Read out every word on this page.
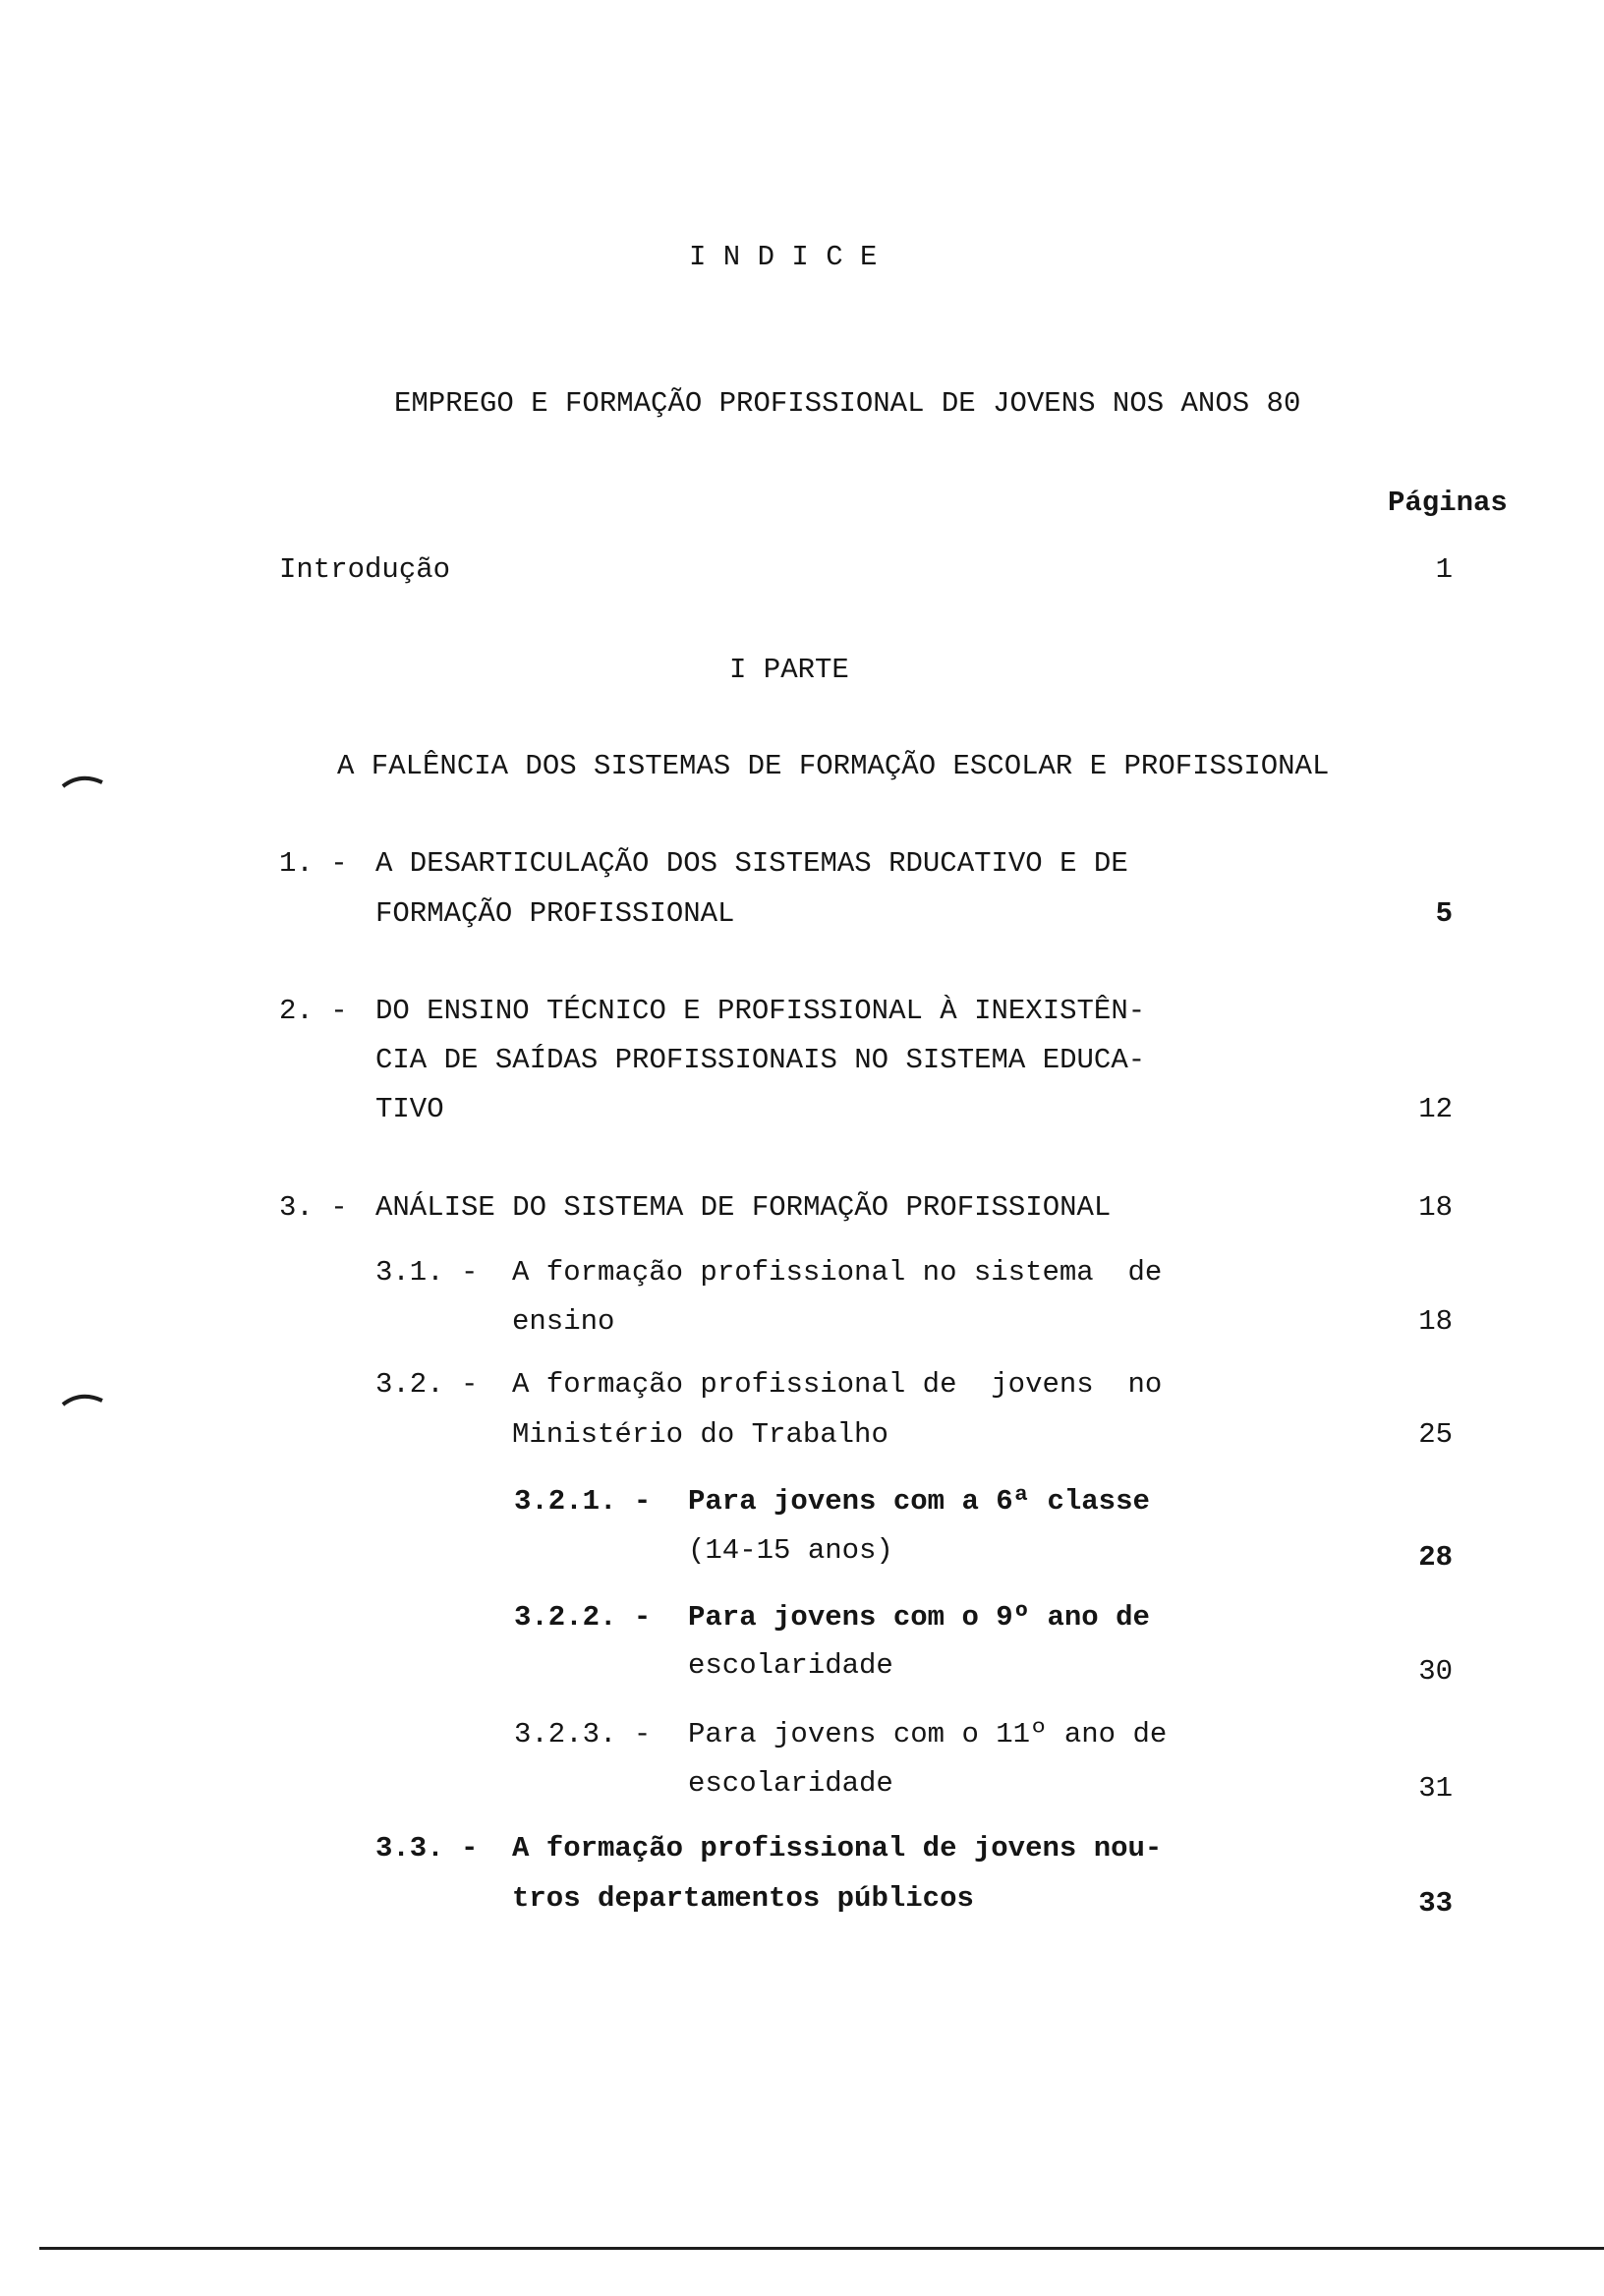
I N D I C E
EMPREGO E FORMAÇÃO PROFISSIONAL DE JOVENS NOS ANOS 80
Páginas
Introdução	1
I PARTE
A FALÊNCIA DOS SISTEMAS DE FORMAÇÃO ESCOLAR E PROFISSIONAL
1. - A DESARTICULAÇÃO DOS SISTEMAS RDUCATIVO E DE
FORMAÇÃO PROFISSIONAL	5
2. - DO ENSINO TÉCNICO E PROFISSIONAL À INEXISTÊN-
CIA DE SAÍDAS PROFISSIONAIS NO SISTEMA EDUCA-
TIVO	12
3. - ANÁLISE DO SISTEMA DE FORMAÇÃO PROFISSIONAL	18
3.1. - A formação profissional no sistema  de
ensino	18
3.2. - A formação profissional de  jovens  no
Ministério do Trabalho	25
3.2.1. - Para jovens com a 6ª classe
(14-15 anos)	28
3.2.2. - Para jovens com o 9º ano de
escolaridade	30
3.2.3. - Para jovens com o 11º ano de
escolaridade	31
3.3. - A formação profissional de jovens nou-
tros departamentos públicos	33
